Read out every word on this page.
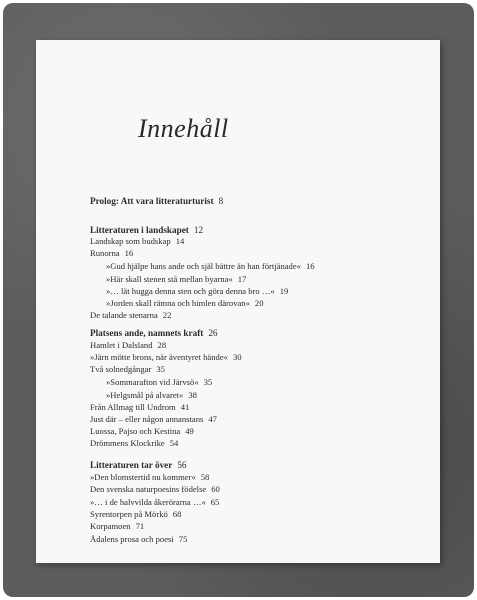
Innehåll
Prolog: Att vara litteraturturist 8
Litteraturen i landskapet 12
Landskap som budskap 14
Runorna 16
»Gud hjälpe hans ande och själ bättre än han förtjänade« 16
»Här skall stenen stå mellan byarna« 17
»… lät hugga denna sten och göra denna bro …« 19
»Jorden skall rämna och himlen därovan« 20
De talande stenarna 22
Platsens ande, namnets kraft 26
Hamlet i Dalsland 28
»Järn mötte brons, när äventyret hände« 30
Två solnedgångar 35
»Sommarafton vid Järvsö« 35
»Helgsmål på alvaret« 38
Från Allmag till Undrom 41
Just där – eller någon annanstans 47
Luossa, Pajso och Kestina 49
Drömmens Klockrike 54
Litteraturen tar över 56
»Den blomstertid nu kommer« 58
Den svenska naturpoesins födelse 60
»… i de halvvilda åkerörarna …« 65
Syrentorpen på Mörkö 68
Korpamoen 71
Ådalens prosa och poesi 75
